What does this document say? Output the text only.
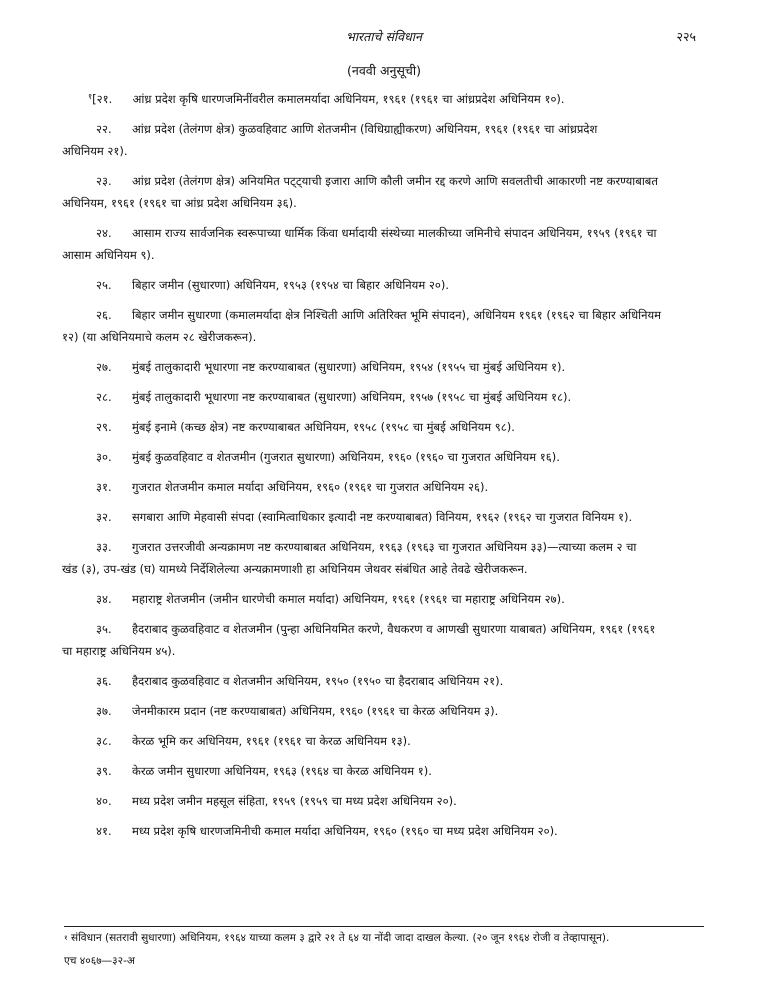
भारताचे संविधान	२२५
(नववी अनुसूची)

$^१$[२१. आंध्र प्रदेश कृषि धारणजमिनींवरील कमालमर्यादा अधिनियम, १९६१ (१९६१ चा आंध्रप्रदेश अधिनियम १०).

२२. आंध्र प्रदेश (तेलंगण क्षेत्र) कुळवहिवाट आणि शेतजमीन (विधिग्राह्यीकरण) अधिनियम, १९६१ (१९६१ चा आंध्रप्रदेश
अधिनियम २१).

२३. आंध्र प्रदेश (तेलंगण क्षेत्र) अनियमित पट्ट्याची इजारा आणि कौली जमीन रद्द करणे आणि सवलतीची आकारणी नष्ट करण्याबाबत
अधिनियम, १९६१ (१९६१ चा आंध्र प्रदेश अधिनियम ३६).

२४. आसाम राज्य सार्वजनिक स्वरूपाच्या धार्मिक किंवा धर्मादायी संस्थेच्या मालकीच्या जमिनीचे संपादन अधिनियम, १९५९ (१९६१ चा
आसाम अधिनियम ९).

२५. बिहार जमीन (सुधारणा) अधिनियम, १९५३ (१९५४ चा बिहार अधिनियम २०).

२६. बिहार जमीन सुधारणा (कमालमर्यादा क्षेत्र निश्चिती आणि अतिरिक्त भूमि संपादन), अधिनियम १९६१ (१९६२ चा बिहार अधिनियम
१२) (या अधिनियमाचे कलम २८ खेरीजकरून).

२७. मुंबई तालुकादारी भूधारणा नष्ट करण्याबाबत (सुधारणा) अधिनियम, १९५४ (१९५५ चा मुंबई अधिनियम १).

२८. मुंबई तालुकादारी भूधारणा नष्ट करण्याबाबत (सुधारणा) अधिनियम, १९५७ (१९५८ चा मुंबई अधिनियम १८).

२९. मुंबई इनामे (कच्छ क्षेत्र) नष्ट करण्याबाबत अधिनियम, १९५८ (१९५८ चा मुंबई अधिनियम ९८).

३०. मुंबई कुळवहिवाट व शेतजमीन (गुजरात सुधारणा) अधिनियम, १९६० (१९६० चा गुजरात अधिनियम १६).

३१. गुजरात शेतजमीन कमाल मर्यादा अधिनियम, १९६० (१९६१ चा गुजरात अधिनियम २६).

३२. सगबारा आणि मेहवासी संपदा (स्वामित्वाधिकार इत्यादी नष्ट करण्याबाबत) विनियम, १९६२ (१९६२ चा गुजरात विनियम १).

३३. गुजरात उत्तरजीवी अन्यक्रामण नष्ट करण्याबाबत अधिनियम, १९६३ (१९६३ चा गुजरात अधिनियम ३३)—त्याच्या कलम २ चा
खंड (३), उप-खंड (घ) यामध्ये निर्देशिलेल्या अन्यक्रामणाशी हा अधिनियम जेथवर संबंधित आहे तेवढे खेरीजकरून.

३४. महाराष्ट्र शेतजमीन (जमीन धारणेची कमाल मर्यादा) अधिनियम, १९६१ (१९६१ चा महाराष्ट्र अधिनियम २७).

३५. हैदराबाद कुळवहिवाट व शेतजमीन (पुन्हा अधिनियमित करणे, वैधकरण व आणखी सुधारणा याबाबत) अधिनियम, १९६१ (१९६१
चा महाराष्ट्र अधिनियम ४५).

३६. हैदराबाद कुळवहिवाट व शेतजमीन अधिनियम, १९५० (१९५० चा हैदराबाद अधिनियम २१).

३७. जेनमीकारम प्रदान (नष्ट करण्याबाबत) अधिनियम, १९६० (१९६१ चा केरळ अधिनियम ३).

३८. केरळ भूमि कर अधिनियम, १९६१ (१९६१ चा केरळ अधिनियम १३).

३९. केरळ जमीन सुधारणा अधिनियम, १९६३ (१९६४ चा केरळ अधिनियम १).

४०. मध्य प्रदेश जमीन महसूल संहिता, १९५९ (१९५९ चा मध्य प्रदेश अधिनियम २०).

४१. मध्य प्रदेश कृषि धारणजमिनीची कमाल मर्यादा अधिनियम, १९६० (१९६० चा मध्य प्रदेश अधिनियम २०).

$^१$ संविधान (सतरावी सुधारणा) अधिनियम, १९६४ याच्या कलम ३ द्वारे २१ ते ६४ या नोंदी जादा दाखल केल्या. (२० जून १९६४ रोजी व तेव्हापासून).
एच ४०६७—३२-अ
